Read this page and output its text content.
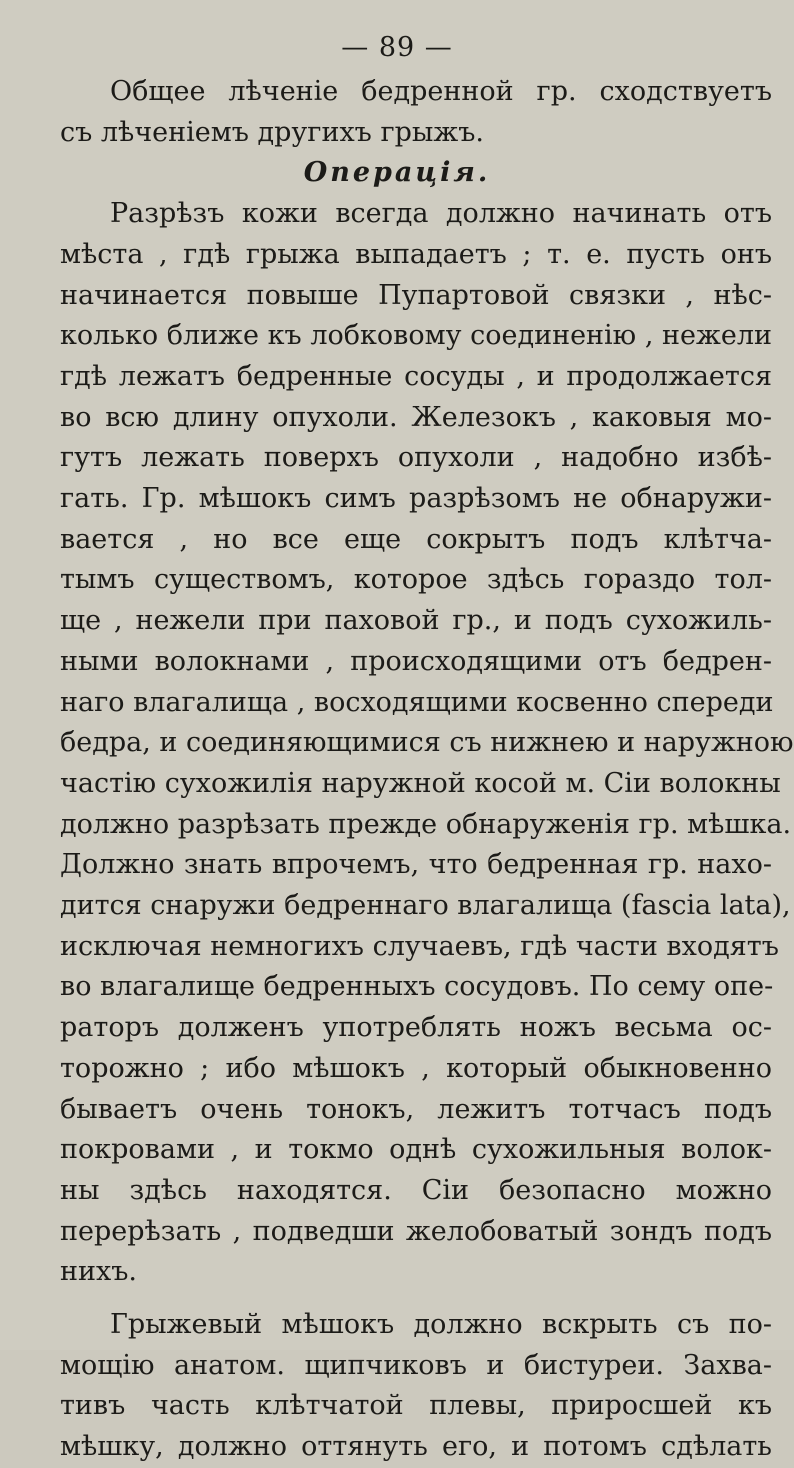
— 89 —
Операція.
Общее лѣченіе бедренной гр. сходствуетъ
съ лѣченіемъ другихъ грыжъ.
Разрѣзъ кожи всегда должно начинать отъ
мѣста , гдѣ грыжа выпадаетъ ; т. е. пусть онъ
начинается повыше Пупартовой связки , нѣс-
колько ближе къ лобковому соединенію , нежели
гдѣ лежатъ бедренные сосуды , и продолжается
во всю длину опухоли. Железокъ , каковыя мо-
гутъ лежать поверхъ опухоли , надобно избѣ-
гать. Гр. мѣшокъ симъ разрѣзомъ не обнаружи-
вается , но все еще сокрытъ подъ клѣтча-
тымъ существомъ, которое здѣсь гораздо тол-
ще , нежели при паховой гр., и подъ сухожиль-
ными волокнами , происходящими отъ бедрен-
наго влагалища , восходящими косвенно спереди
бедра, и соединяющимися съ нижнею и наружною
частію сухожилія наружной косой м. Сіи волокны
должно разрѣзать прежде обнаруженія гр. мѣшка.
Должно знать впрочемъ, что бедренная гр. нахо-
дится снаружи бедреннаго влагалища (fascia lata),
исключая немногихъ случаевъ, гдѣ части входятъ
во влагалище бедренныхъ сосудовъ. По сему опе-
раторъ долженъ употреблять ножъ весьма ос-
торожно ; ибо мѣшокъ , который обыкновенно
бываетъ очень тонокъ, лежитъ тотчасъ подъ
покровами , и токмо однѣ сухожильныя волок-
ны здѣсь находятся. Сіи безопасно можно
перерѣзать , подведши желобоватый зондъ подъ
нихъ.
Грыжевый мѣшокъ должно вскрыть съ по-
мощію анатом. щипчиковъ и бистуреи. Захва-
тивъ часть клѣтчатой плевы, приросшей къ
мѣшку, должно оттянуть его, и потомъ сдѣлать
